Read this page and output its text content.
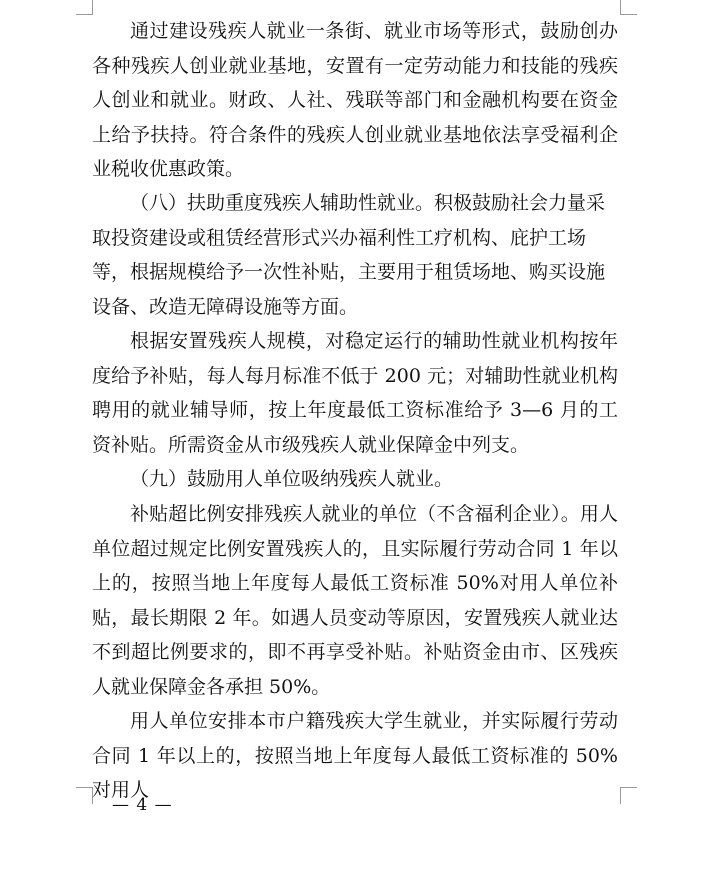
通过建设残疾人就业一条街、就业市场等形式，鼓励创办各种残疾人创业就业基地，安置有一定劳动能力和技能的残疾人创业和就业。财政、人社、残联等部门和金融机构要在资金上给予扶持。符合条件的残疾人创业就业基地依法享受福利企业税收优惠政策。

（八）扶助重度残疾人辅助性就业。积极鼓励社会力量采取投资建设或租赁经营形式兴办福利性工疗机构、庇护工场等，根据规模给予一次性补贴，主要用于租赁场地、购买设施设备、改造无障碍设施等方面。

根据安置残疾人规模，对稳定运行的辅助性就业机构按年度给予补贴，每人每月标准不低于 200 元；对辅助性就业机构聘用的就业辅导师，按上年度最低工资标准给予 3—6 月的工资补贴。所需资金从市级残疾人就业保障金中列支。

（九）鼓励用人单位吸纳残疾人就业。

补贴超比例安排残疾人就业的单位（不含福利企业）。用人单位超过规定比例安置残疾人的，且实际履行劳动合同 1 年以上的，按照当地上年度每人最低工资标准 50%对用人单位补贴，最长期限 2 年。如遇人员变动等原因，安置残疾人就业达不到超比例要求的，即不再享受补贴。补贴资金由市、区残疾人就业保障金各承担 50%。

用人单位安排本市户籍残疾大学生就业，并实际履行劳动合同 1 年以上的，按照当地上年度每人最低工资标准的 50%对用人

— 4 —
